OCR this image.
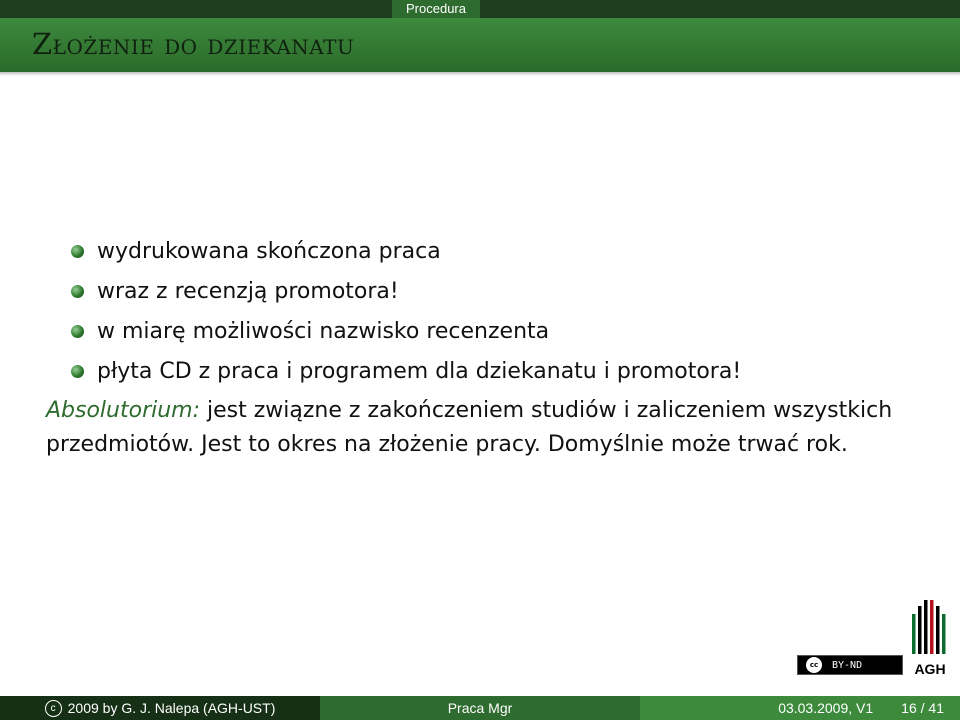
Procedura
Złożenie do dziekanatu
wydrukowana skończona praca
wraz z recenzją promotora!
w miarę możliwości nazwisko recenzenta
płyta CD z praca i programem dla dziekanatu i promotora!

Absolutorium: jest związne z zakończeniem studiów i zaliczeniem wszystkich przedmiotów. Jest to okres na złożenie pracy. Domyślnie może trwać rok.

cc	BY-ND	AGH
c 2009 by G. J. Nalepa (AGH-UST)	Praca Mgr	03.03.2009, V1 16 / 41
